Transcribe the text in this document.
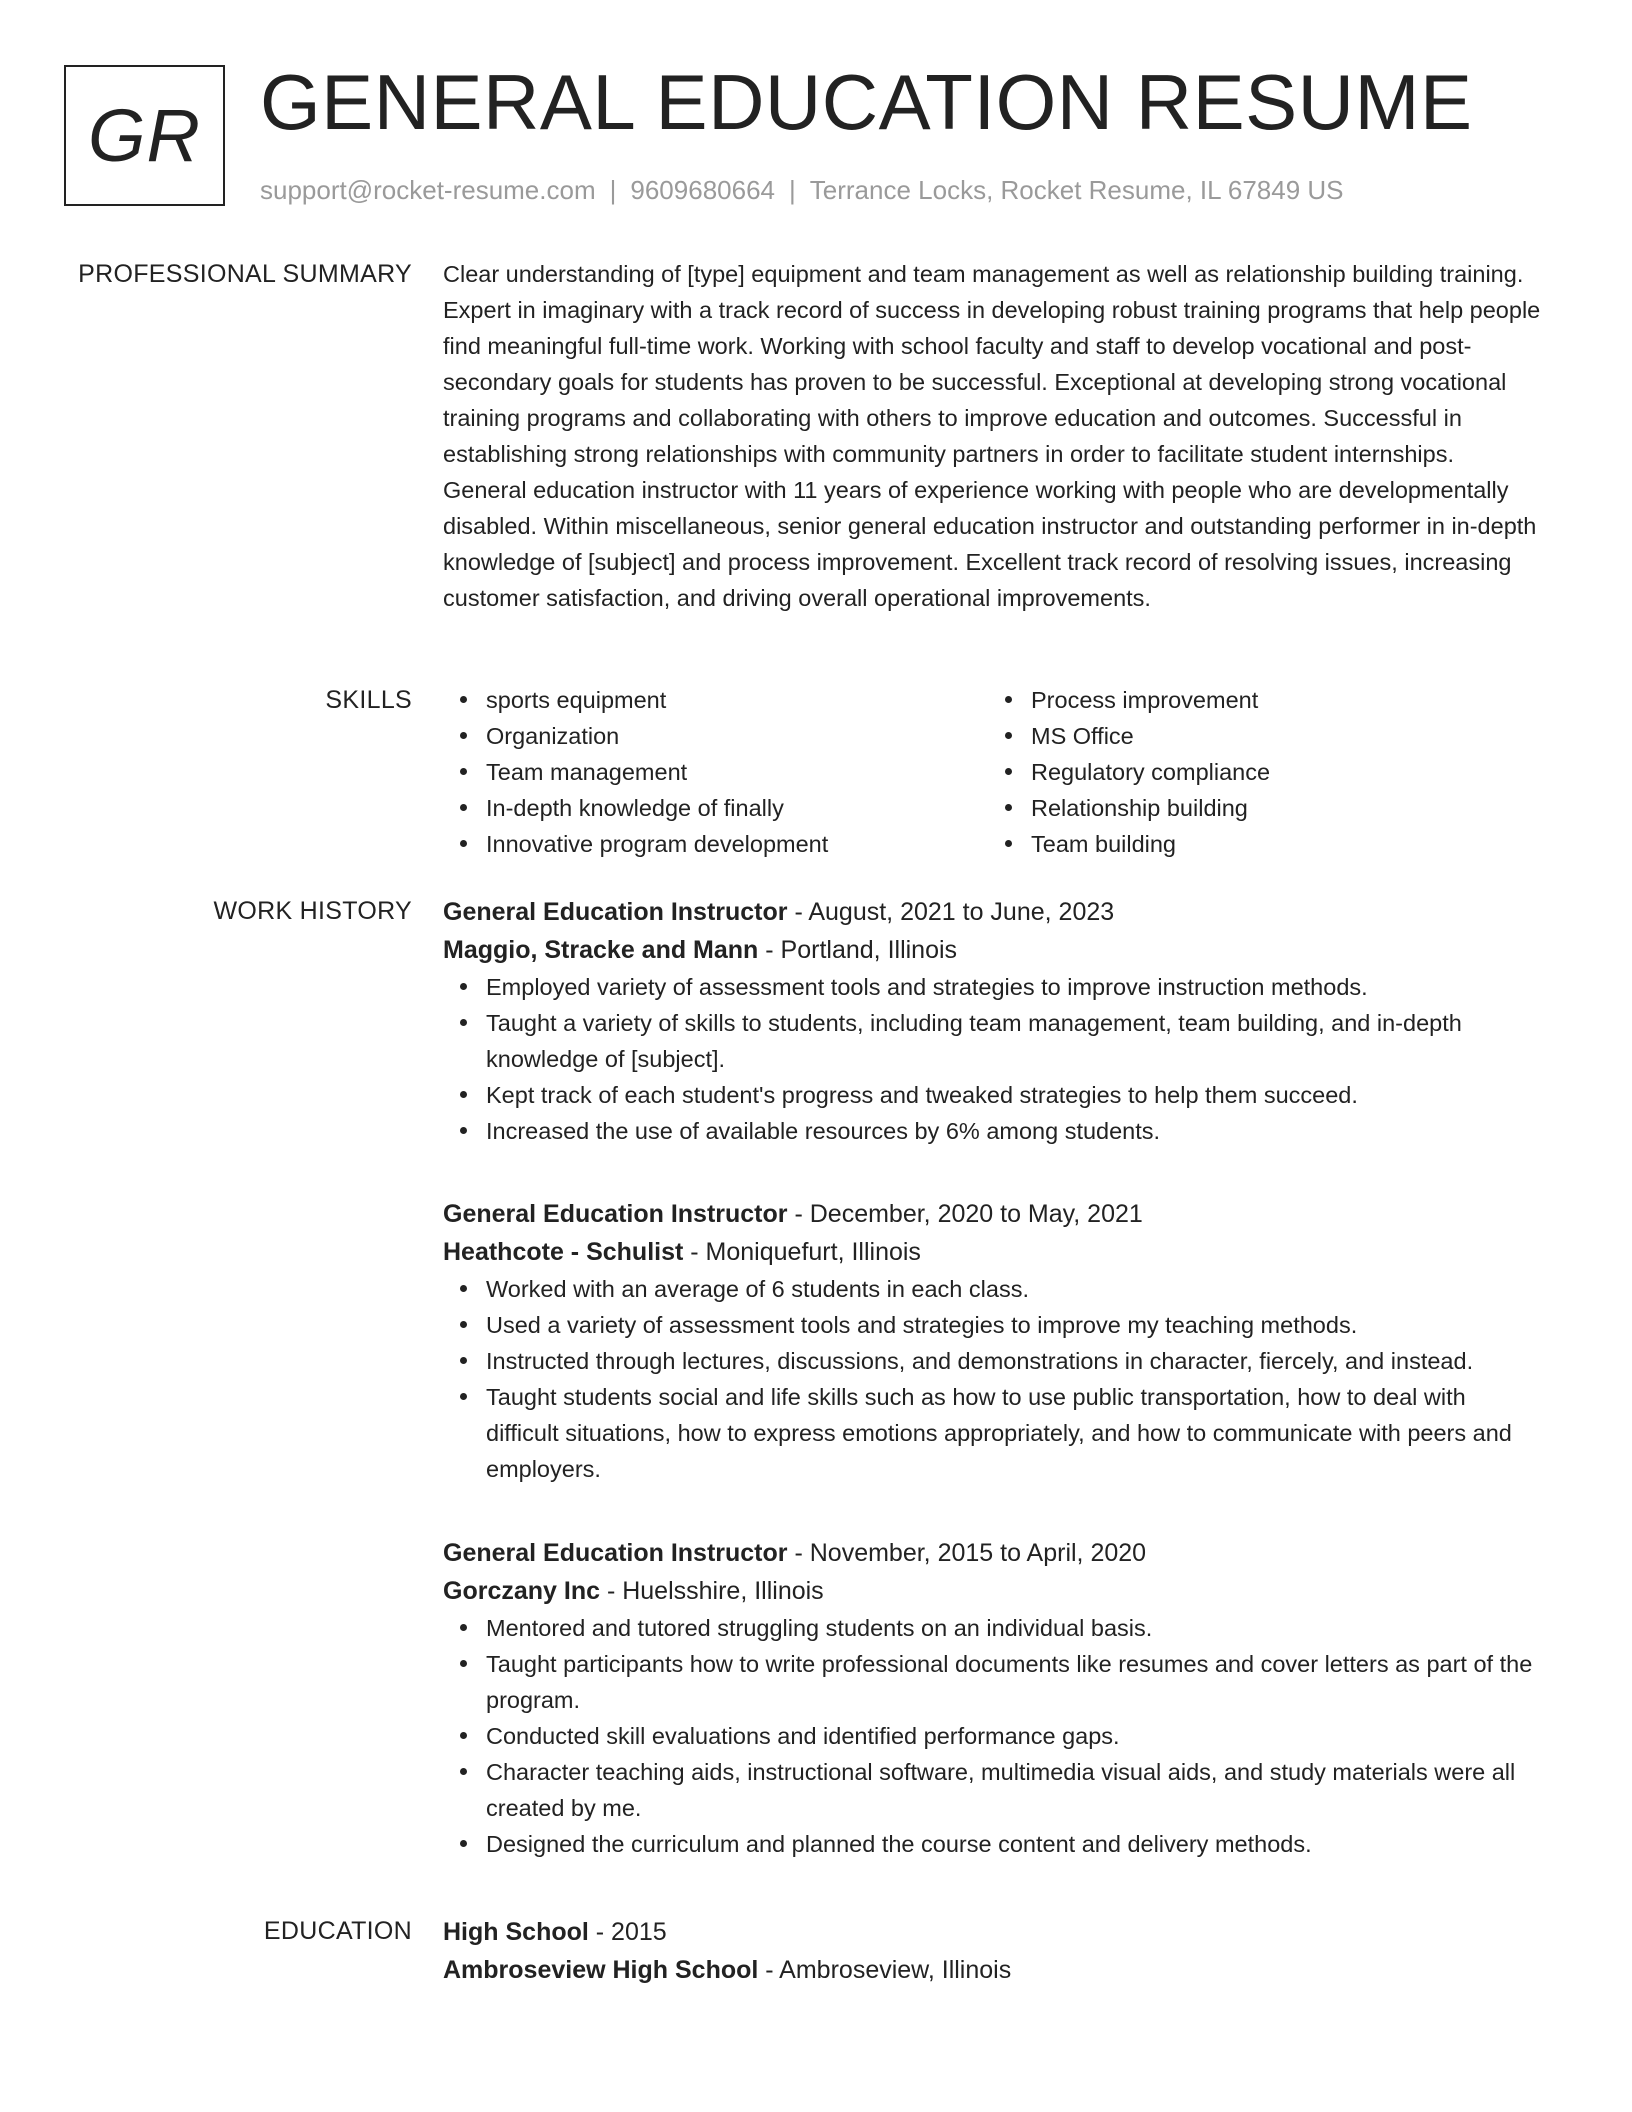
GR GENERAL EDUCATION RESUME
support@rocket-resume.com | 9609680664 | Terrance Locks, Rocket Resume, IL 67849 US
PROFESSIONAL SUMMARY Clear understanding of [type] equipment and team management as well as relationship building training. Expert in imaginary with a track record of success in developing robust training programs that help people find meaningful full-time work. Working with school faculty and staff to develop vocational and post-secondary goals for students has proven to be successful. Exceptional at developing strong vocational training programs and collaborating with others to improve education and outcomes. Successful in establishing strong relationships with community partners in order to facilitate student internships. General education instructor with 11 years of experience working with people who are developmentally disabled. Within miscellaneous, senior general education instructor and outstanding performer in in-depth knowledge of [subject] and process improvement. Excellent track record of resolving issues, increasing customer satisfaction, and driving overall operational improvements.

SKILLS	sports equipment
Organization
Team management
In-depth knowledge of finally
Innovative program development
Process improvement
MS Office
Regulatory compliance
Relationship building
Team building
WORK HISTORY General Education Instructor - August, 2021 to June, 2023
Maggio, Stracke and Mann - Portland, Illinois
Employed variety of assessment tools and strategies to improve instruction methods.
Taught a variety of skills to students, including team management, team building, and in-depth knowledge of [subject].
Kept track of each student's progress and tweaked strategies to help them succeed.
Increased the use of available resources by 6% among students.
General Education Instructor - December, 2020 to May, 2021
Heathcote - Schulist - Moniquefurt, Illinois
Worked with an average of 6 students in each class.
Used a variety of assessment tools and strategies to improve my teaching methods.
Instructed through lectures, discussions, and demonstrations in character, fiercely, and instead.
Taught students social and life skills such as how to use public transportation, how to deal with difficult situations, how to express emotions appropriately, and how to communicate with peers and employers.
General Education Instructor - November, 2015 to April, 2020
Gorczany Inc - Huelsshire, Illinois
Mentored and tutored struggling students on an individual basis.
Taught participants how to write professional documents like resumes and cover letters as part of the program.
Conducted skill evaluations and identified performance gaps.
Character teaching aids, instructional software, multimedia visual aids, and study materials were all created by me.
Designed the curriculum and planned the course content and delivery methods.
EDUCATION High School - 2015
Ambroseview High School - Ambroseview, Illinois
